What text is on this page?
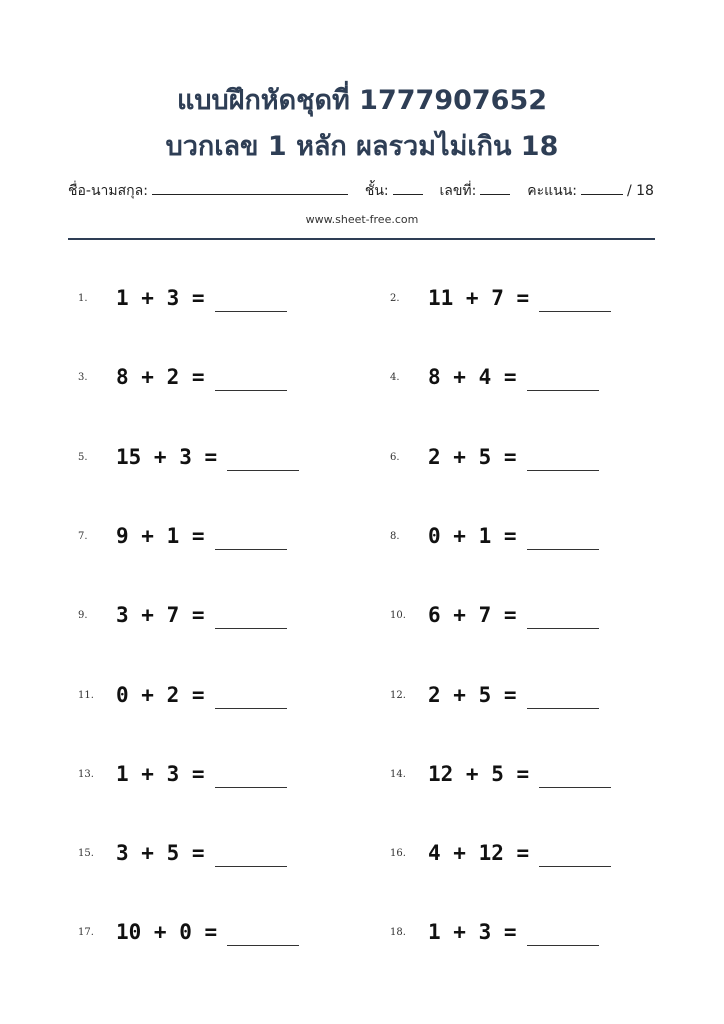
แบบฝึกหัดชุดที่ 1777907652
บวกเลข 1 หลัก ผลรวมไม่เกิน 18
ชื่อ-นามสกุล:	ชั้น:	เลขที่:	คะแนน:	/ 18
www.sheet-free.com
1.	1 + 3 =	2.	11 + 7 =
3.	8 + 2 =	4.	8 + 4 =
5.	15 + 3 =	6.	2 + 5 =
7.	9 + 1 =	8.	0 + 1 =
9.	3 + 7 =	10.	6 + 7 =
11.	0 + 2 =	12.	2 + 5 =
13.	1 + 3 =	14.	12 + 5 =
15.	3 + 5 =	16.	4 + 12 =
17.	10 + 0 =	18.	1 + 3 =
